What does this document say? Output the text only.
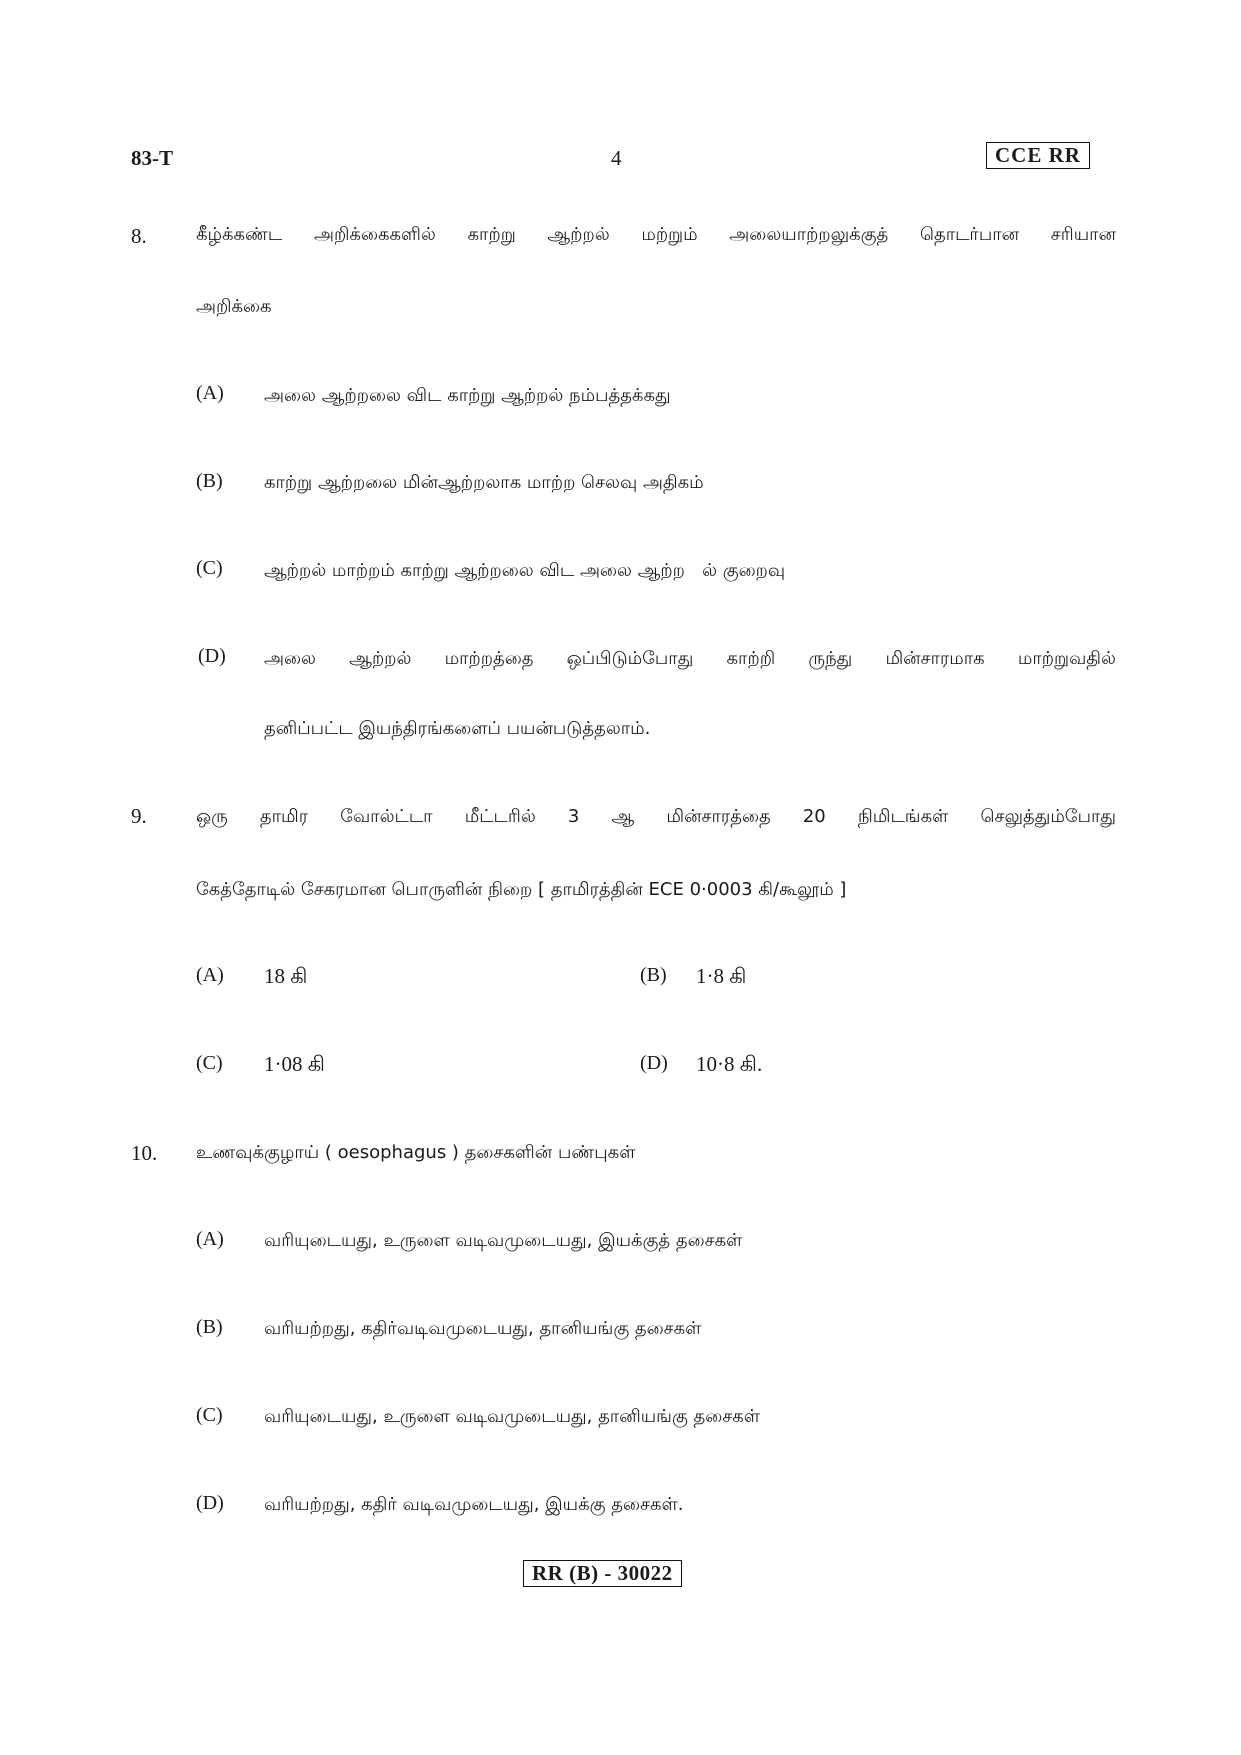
83-T	4	CCE RR
8.	கீழ்க்கண்ட அறிக்கைகளில் காற்று ஆற்றல் மற்றும் அலையாற்றலுக்குத் தொடர்பான சரியான
அறிக்கை
(A) அலை ஆற்றலை விட காற்று ஆற்றல் நம்பத்தக்கது
(B) காற்று ஆற்றலை மின்ஆற்றலாக மாற்ற செலவு அதிகம்
(C) ஆற்றல் மாற்றம் காற்று ஆற்றலை விட அலை ஆற்ற   ல் குறைவு
(D) அலை ஆற்றல் மாற்றத்தை ஒப்பிடும்போது காற்றி ருந்து மின்சாரமாக மாற்றுவதில்
தனிப்பட்ட இயந்திரங்களைப் பயன்படுத்தலாம்.
9.	ஒரு தாமிர வோல்ட்டா மீட்டரில் 3 ஆ மின்சாரத்தை 20 நிமிடங்கள் செலுத்தும்போது
கேத்தோடில் சேகரமான பொருளின் நிறை [ தாமிரத்தின் ECE 0·0003 கி/கூலூம் ]
(A) 18 கி	(B) 1·8 கி
(C) 1·08 கி	(D) 10·8 கி.
10. உணவுக்குழாய் ( oesophagus ) தசைகளின் பண்புகள்
(A) வரியுடையது, உருளை வடிவமுடையது, இயக்குத் தசைகள்
(B) வரியற்றது, கதிர்வடிவமுடையது, தானியங்கு தசைகள்
(C) வரியுடையது, உருளை வடிவமுடையது, தானியங்கு தசைகள்
(D) வரியற்றது, கதிர் வடிவமுடையது, இயக்கு தசைகள்.
RR (B) - 30022
